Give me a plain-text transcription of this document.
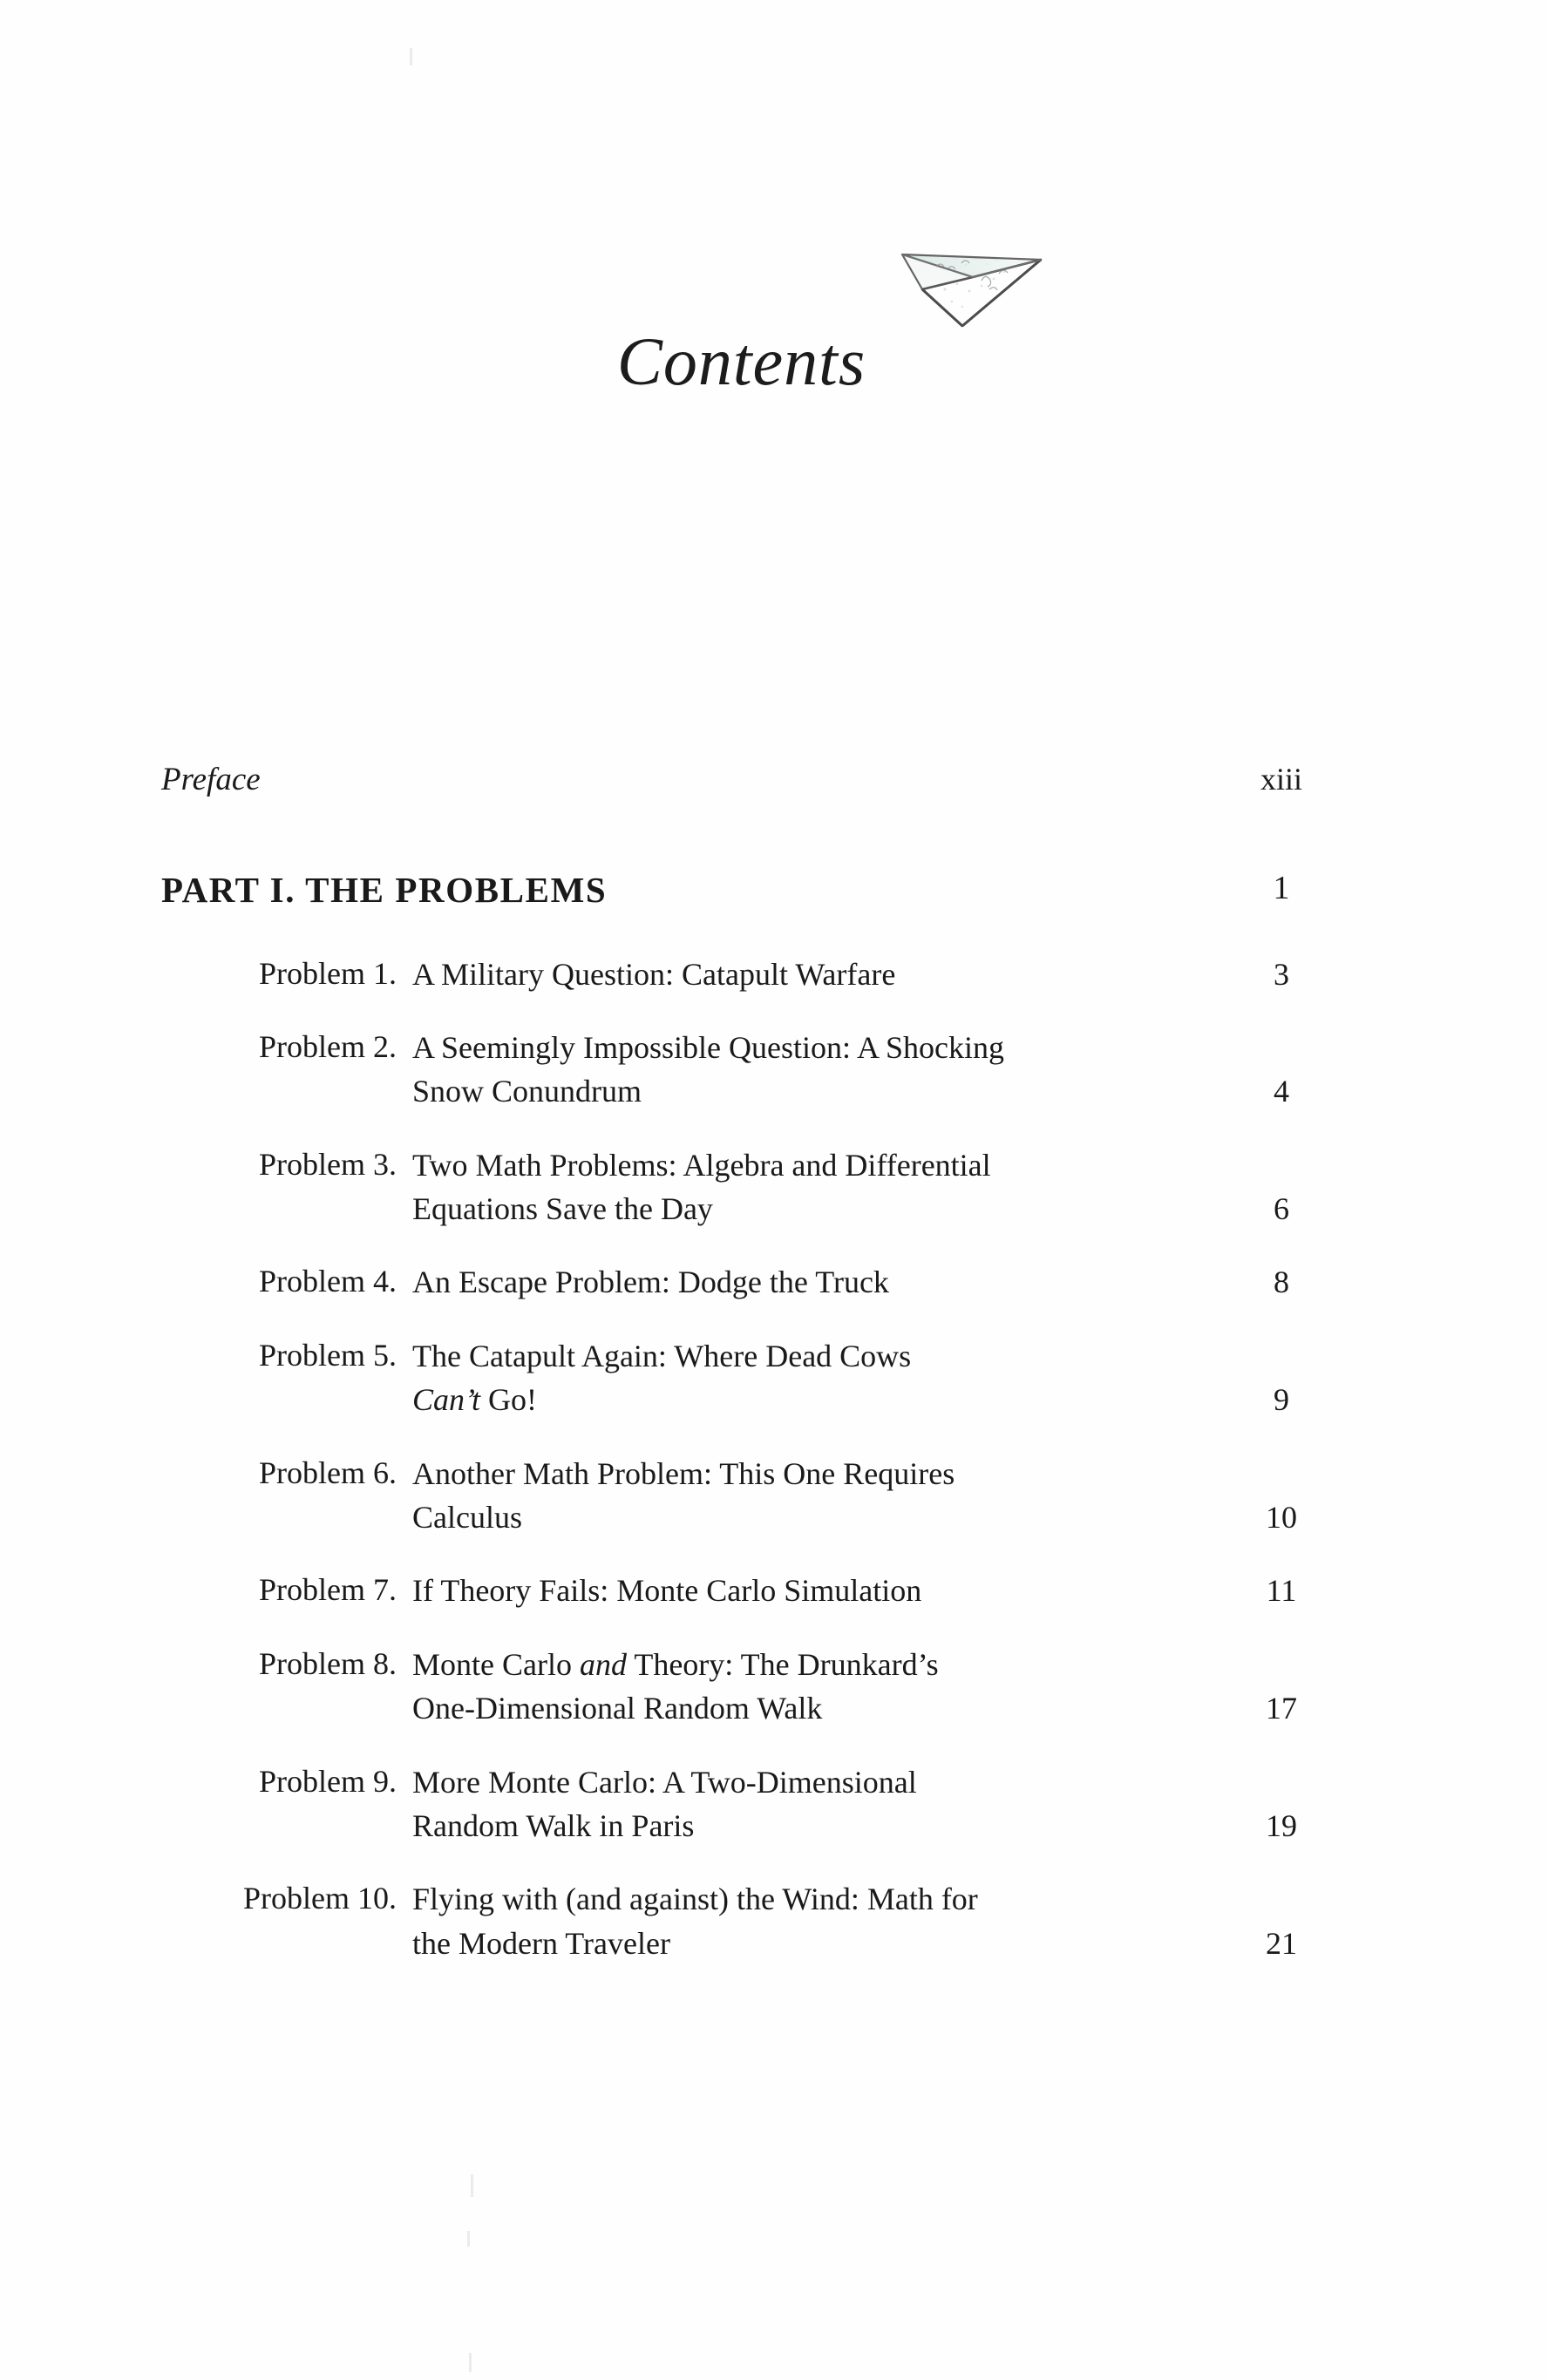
Contents
Preface	xiii
PART I. THE PROBLEMS	1
Problem 1. A Military Question: Catapult Warfare	3
Problem 2. A Seemingly Impossible Question: A Shocking
Snow Conundrum	4
Problem 3. Two Math Problems: Algebra and Differential
Equations Save the Day	6
Problem 4. An Escape Problem: Dodge the Truck	8
Problem 5. The Catapult Again: Where Dead Cows
Can’t Go!	9
Problem 6. Another Math Problem: This One Requires
Calculus	10
Problem 7. If Theory Fails: Monte Carlo Simulation	11
Problem 8. Monte Carlo and Theory: The Drunkard’s
One-Dimensional Random Walk	17
Problem 9. More Monte Carlo: A Two-Dimensional
Random Walk in Paris	19
Problem 10. Flying with (and against) the Wind: Math for
the Modern Traveler	21
